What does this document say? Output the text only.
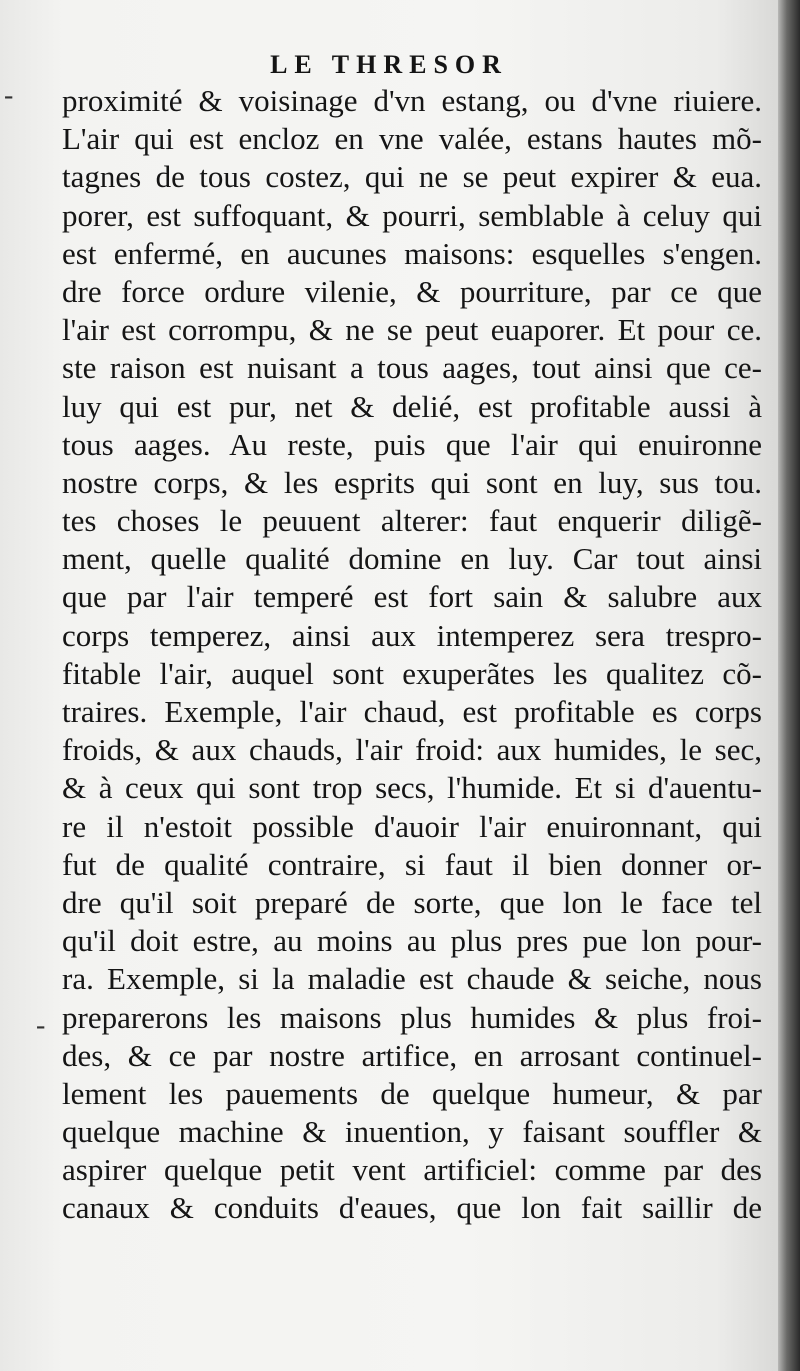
LE THRESOR
-
-
proximité & voisinage d'vn estang, ou d'vne riuiere.
L'air qui est encloz en vne valée, estans hautes mõ-
tagnes de tous costez, qui ne se peut expirer & eua.
porer, est suffoquant, & pourri, semblable à celuy qui
est enfermé, en aucunes maisons: esquelles s'engen.
dre force ordure vilenie, & pourriture, par ce que
l'air est corrompu, & ne se peut euaporer. Et pour ce.
ste raison est nuisant a tous aages, tout ainsi que ce-
luy qui est pur, net & delié, est profitable aussi à
tous aages. Au reste, puis que l'air qui enuironne
nostre corps, & les esprits qui sont en luy, sus tou.
tes choses le peuuent alterer: faut enquerir diligẽ-
ment, quelle qualité domine en luy. Car tout ainsi
que par l'air temperé est fort sain & salubre aux
corps temperez, ainsi aux intemperez sera trespro-
fitable l'air, auquel sont exuperãtes les qualitez cõ-
traires. Exemple, l'air chaud, est profitable es corps
froids, & aux chauds, l'air froid: aux humides, le sec,
& à ceux qui sont trop secs, l'humide. Et si d'auentu-
re il n'estoit possible d'auoir l'air enuironnant, qui
fut de qualité contraire, si faut il bien donner or-
dre qu'il soit preparé de sorte, que lon le face tel
qu'il doit estre, au moins au plus pres pue lon pour-
ra. Exemple, si la maladie est chaude & seiche, nous
preparerons les maisons plus humides & plus froi-
des, & ce par nostre artifice, en arrosant continuel-
lement les pauements de quelque humeur, & par
quelque machine & inuention, y faisant souffler &
aspirer quelque petit vent artificiel: comme par des
canaux & conduits d'eaues, que lon fait saillir de
